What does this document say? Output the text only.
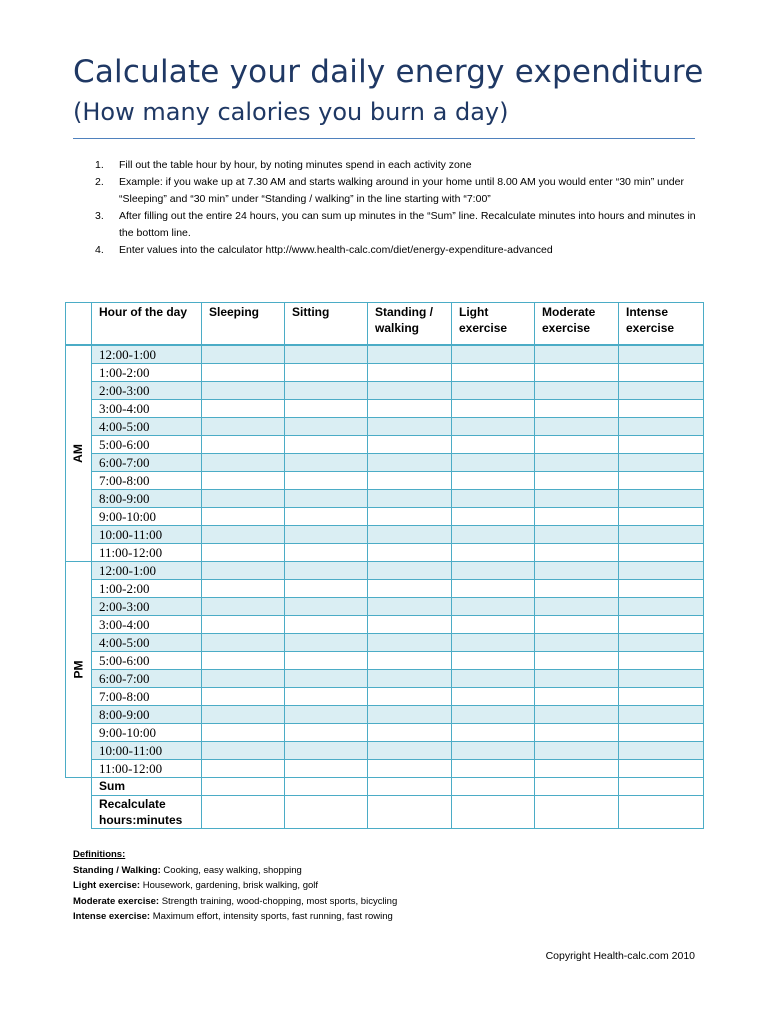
Calculate your daily energy expenditure
(How many calories you burn a day)
1. Fill out the table hour by hour, by noting minutes spend in each activity zone
2. Example: if you wake up at 7.30 AM and starts walking around in your home until 8.00 AM you would enter “30 min” under “Sleeping” and “30 min” under “Standing / walking” in the line starting with “7:00”
3. After filling out the entire 24 hours, you can sum up minutes in the “Sum” line. Recalculate minutes into hours and minutes in the bottom line.
4. Enter values into the calculator http://www.health-calc.com/diet/energy-expenditure-advanced
	Hour of the day	Sleeping	Sitting	Standing / walking	Light exercise	Moderate exercise	Intense exercise
AM	12:00-1:00						
	1:00-2:00						
	2:00-3:00						
	3:00-4:00						
	4:00-5:00						
	5:00-6:00						
	6:00-7:00						
	7:00-8:00						
	8:00-9:00						
	9:00-10:00						
	10:00-11:00						
	11:00-12:00						
PM	12:00-1:00						
	1:00-2:00						
	2:00-3:00						
	3:00-4:00						
	4:00-5:00						
	5:00-6:00						
	6:00-7:00						
	7:00-8:00						
	8:00-9:00						
	9:00-10:00						
	10:00-11:00						
	11:00-12:00						
	Sum						
	Recalculate hours:minutes						
Definitions:
Standing / Walking: Cooking, easy walking, shopping
Light exercise: Housework, gardening, brisk walking, golf
Moderate exercise: Strength training, wood-chopping, most sports, bicycling
Intense exercise: Maximum effort, intensity sports, fast running, fast rowing
Copyright Health-calc.com 2010
